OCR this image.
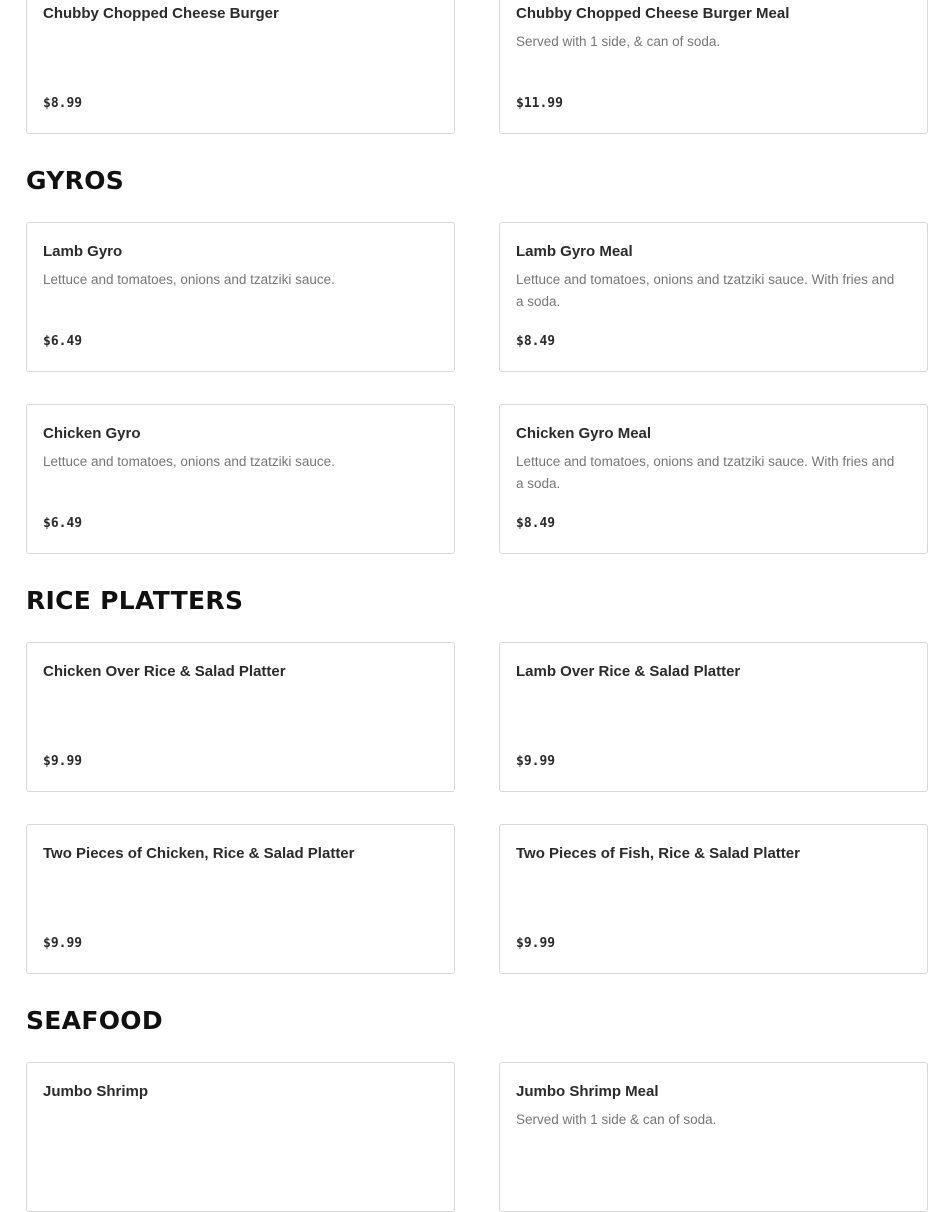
Chubby Chopped Cheese Burger
$8.99
Chubby Chopped Cheese Burger Meal
Served with 1 side, & can of soda.
$11.99
GYROS
Lamb Gyro
Lettuce and tomatoes, onions and tzatziki sauce.
$6.49
Lamb Gyro Meal
Lettuce and tomatoes, onions and tzatziki sauce. With fries and a soda.
$8.49
Chicken Gyro
Lettuce and tomatoes, onions and tzatziki sauce.
$6.49
Chicken Gyro Meal
Lettuce and tomatoes, onions and tzatziki sauce. With fries and a soda.
$8.49
RICE PLATTERS
Chicken Over Rice & Salad Platter
$9.99
Lamb Over Rice & Salad Platter
$9.99
Two Pieces of Chicken, Rice & Salad Platter
$9.99
Two Pieces of Fish, Rice & Salad Platter
$9.99
SEAFOOD
Jumbo Shrimp	Jumbo Shrimp Meal
Served with 1 side & can of soda.
